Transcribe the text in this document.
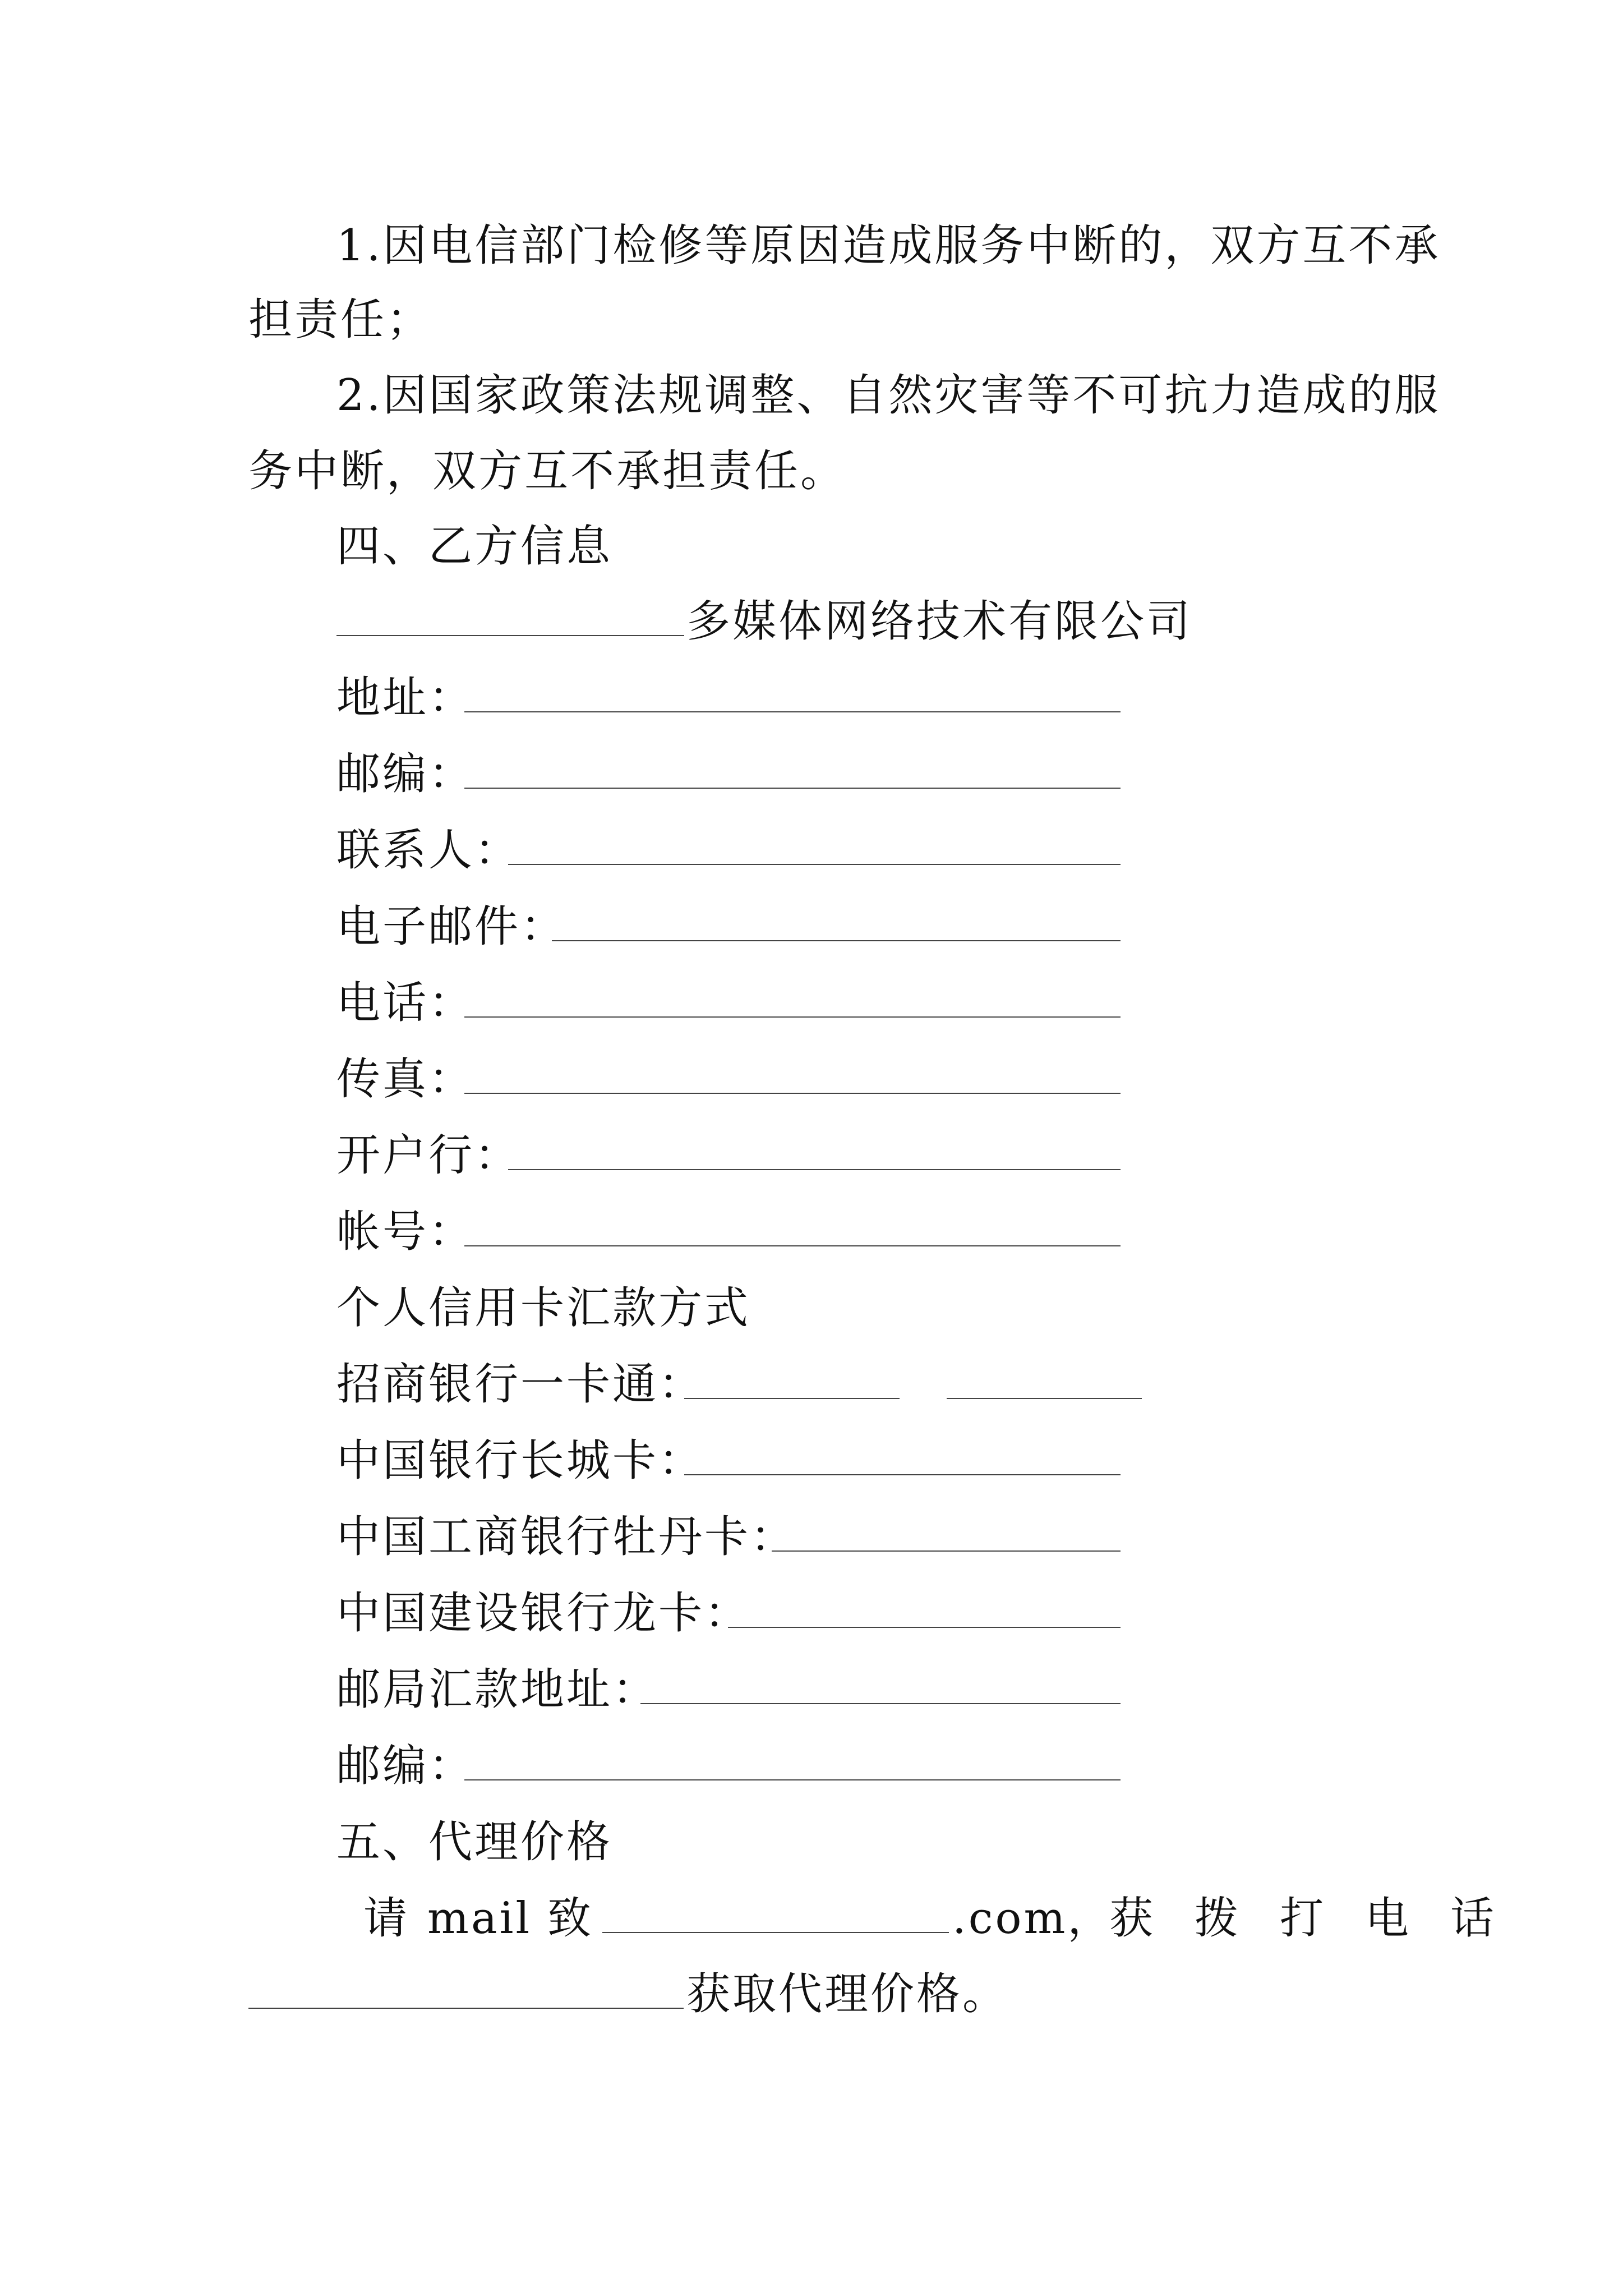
1.因电信部门检修等原因造成服务中断的，双方互不承
担责任；
2.因国家政策法规调整、自然灾害等不可抗力造成的服
务中断，双方互不承担责任。
四、乙方信息
多媒体网络技术有限公司
地址：
邮编：
联系人：
电子邮件：
电话：
传真：
开户行：
帐号：
个人信用卡汇款方式
招商银行一卡通：
中国银行长城卡：
中国工商银行牡丹卡：
中国建设银行龙卡：
邮局汇款地址：
邮编：
五、代理价格
请 mail 致	.com，
获 拨 打 电 话
获取代理价格。
